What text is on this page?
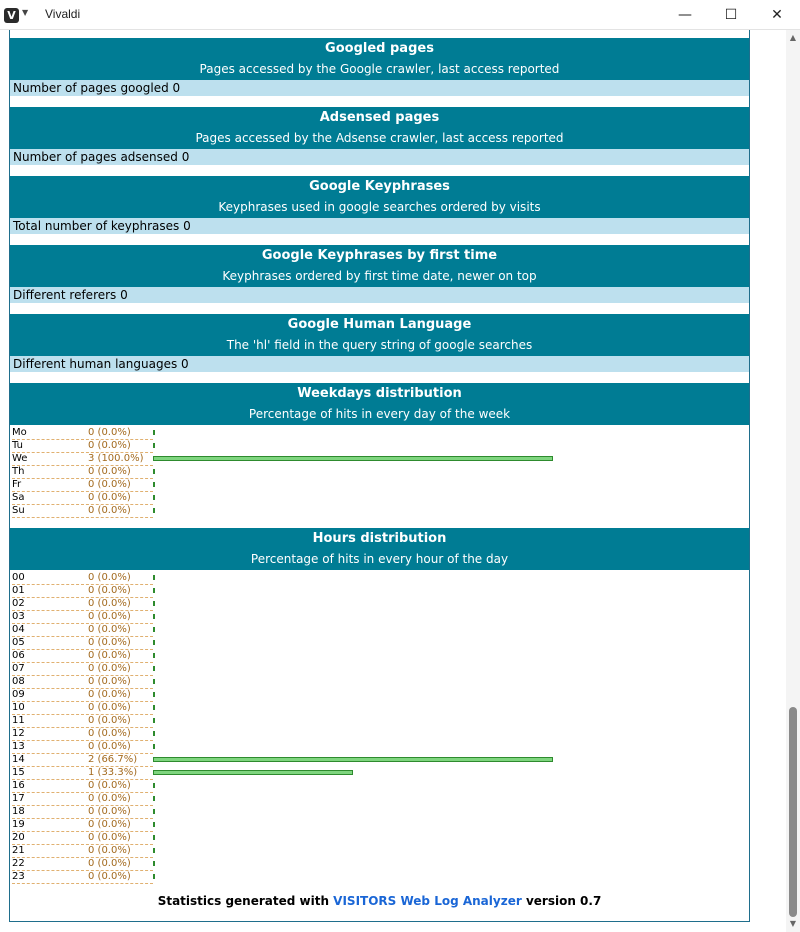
V ▼ Vivaldi	—	☐	✕
Googled pages
Pages accessed by the Google crawler, last access reported
Number of pages googled 0
Adsensed pages
Pages accessed by the Adsense crawler, last access reported
Number of pages adsensed 0
Google Keyphrases
Keyphrases used in google searches ordered by visits
Total number of keyphrases 0
Google Keyphrases by first time
Keyphrases ordered by first time date, newer on top
Different referers 0
Google Human Language
The 'hl' field in the query string of google searches
Different human languages 0
Weekdays distribution
Percentage of hits in every day of the week
Mo	0 (0.0%)
Tu	0 (0.0%)
We	3 (100.0%)
Th	0 (0.0%)
Fr	0 (0.0%)
Sa	0 (0.0%)
Su	0 (0.0%)
Hours distribution
Percentage of hits in every hour of the day
00	0 (0.0%)
01	0 (0.0%)
02	0 (0.0%)
03	0 (0.0%)
04	0 (0.0%)
05	0 (0.0%)
06	0 (0.0%)
07	0 (0.0%)
08	0 (0.0%)
09	0 (0.0%)
10	0 (0.0%)
11	0 (0.0%)
12	0 (0.0%)
13	0 (0.0%)
14	2 (66.7%)
15	1 (33.3%)
16	0 (0.0%)
17	0 (0.0%)
18	0 (0.0%)
19	0 (0.0%)
20	0 (0.0%)
21	0 (0.0%)
22	0 (0.0%)
23	0 (0.0%)
Statistics generated with VISITORS Web Log Analyzer version 0.7
▲
▼
